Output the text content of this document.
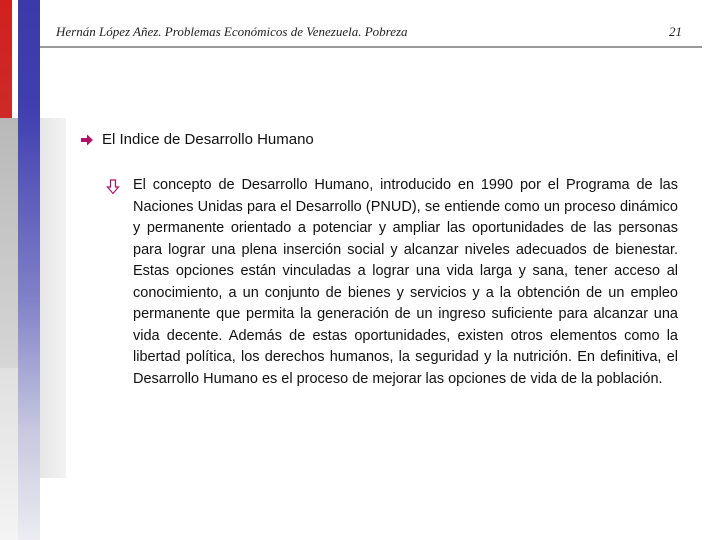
Hernán López Añez. Problemas Económicos de Venezuela. Pobreza	21
El Indice de Desarrollo Humano
El concepto de Desarrollo Humano, introducido en 1990 por el Programa de las Naciones Unidas para el Desarrollo (PNUD), se entiende como un proceso dinámico y permanente orientado a potenciar y ampliar las oportunidades de las personas para lograr una plena inserción social y alcanzar niveles adecuados de bienestar. Estas opciones están vinculadas a lograr una vida larga y sana, tener acceso al conocimiento, a un conjunto de bienes y servicios y a la obtención de un empleo permanente que permita la generación de un ingreso suficiente para alcanzar una vida decente. Además de estas oportunidades, existen otros elementos como la libertad política, los derechos humanos, la seguridad y la nutrición. En definitiva, el Desarrollo Humano es el proceso de mejorar las opciones de vida de la población.
